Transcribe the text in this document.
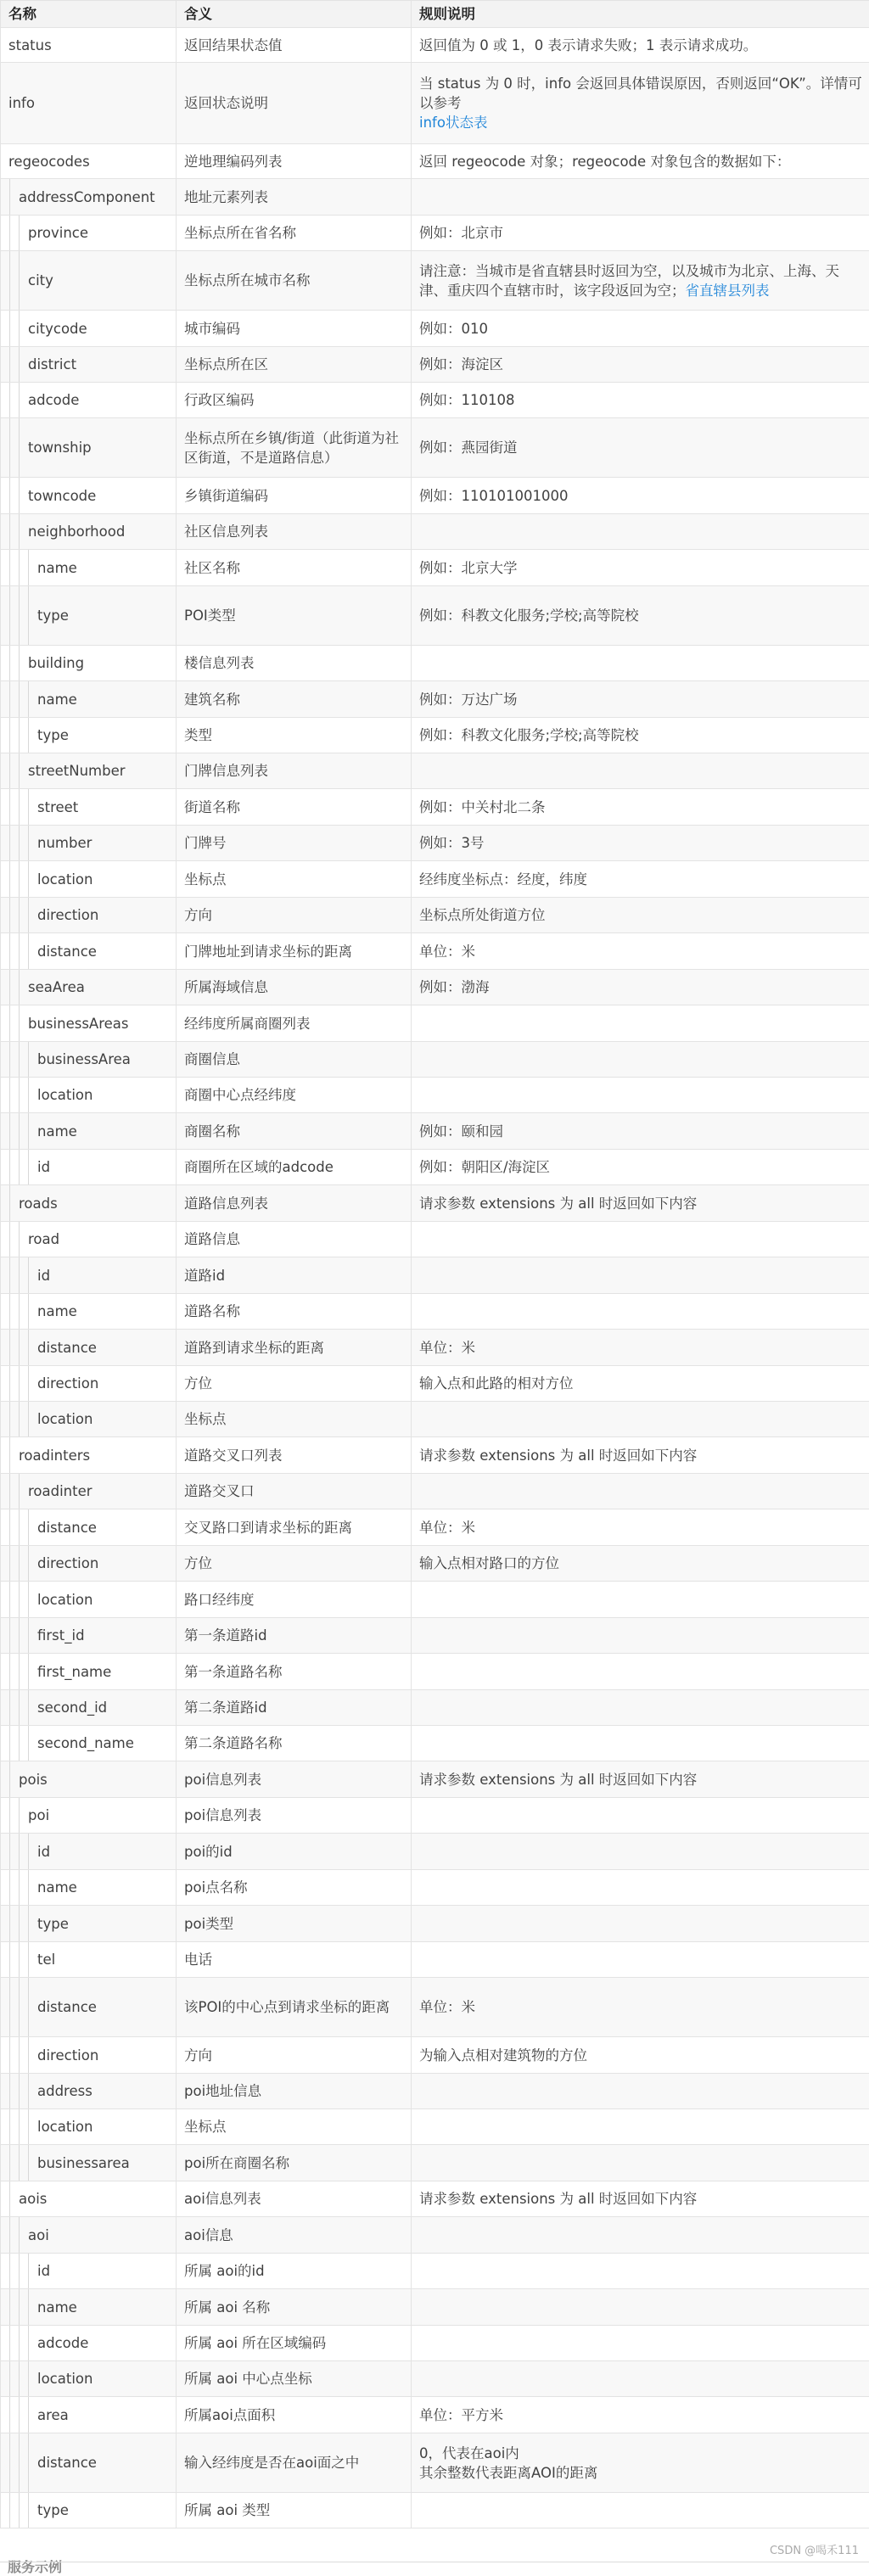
名称	含义	规则说明

status	返回结果状态值	返回值为 0 或 1，0 表示请求失败；1 表示请求成功。

info	返回状态说明	当 status 为 0 时，info 会返回具体错误原因，否则返回“OK”。详情可以参考
info状态表

regeocodes	逆地理编码列表	返回 regeocode 对象；regeocode 对象包含的数据如下：

addressComponent	地址元素列表	

province	坐标点所在省名称	例如：北京市

city	坐标点所在城市名称	请注意：当城市是省直辖县时返回为空，以及城市为北京、上海、天津、重庆四个直辖市时，该字段返回为空；省直辖县列表

citycode	城市编码	例如：010

district	坐标点所在区	例如：海淀区

adcode	行政区编码	例如：110108

township	坐标点所在乡镇/街道（此街道为社区街道，不是道路信息）	例如：燕园街道

towncode	乡镇街道编码	例如：110101001000

neighborhood	社区信息列表	

name	社区名称	例如：北京大学

type	POI类型	例如：科教文化服务;学校;高等院校

building	楼信息列表	

name	建筑名称	例如：万达广场

type	类型	例如：科教文化服务;学校;高等院校

streetNumber	门牌信息列表	

street	街道名称	例如：中关村北二条

number	门牌号	例如：3号

location	坐标点	经纬度坐标点：经度，纬度

direction	方向	坐标点所处街道方位

distance	门牌地址到请求坐标的距离	单位：米

seaArea	所属海域信息	例如：渤海

businessAreas	经纬度所属商圈列表	

businessArea	商圈信息	

location	商圈中心点经纬度	

name	商圈名称	例如：颐和园

id	商圈所在区域的adcode	例如：朝阳区/海淀区

roads	道路信息列表	请求参数 extensions 为 all 时返回如下内容

road	道路信息	

id	道路id	

name	道路名称	

distance	道路到请求坐标的距离	单位：米

direction	方位	输入点和此路的相对方位

location	坐标点	

roadinters	道路交叉口列表	请求参数 extensions 为 all 时返回如下内容

roadinter	道路交叉口	

distance	交叉路口到请求坐标的距离	单位：米

direction	方位	输入点相对路口的方位

location	路口经纬度	

first_id	第一条道路id	

first_name	第一条道路名称	

second_id	第二条道路id	

second_name	第二条道路名称	

pois	poi信息列表	请求参数 extensions 为 all 时返回如下内容

poi	poi信息列表	

id	poi的id	

name	poi点名称	

type	poi类型	

tel	电话	

distance	该POI的中心点到请求坐标的距离	单位：米

direction	方向	为输入点相对建筑物的方位

address	poi地址信息	

location	坐标点	

businessarea	poi所在商圈名称	

aois	aoi信息列表	请求参数 extensions 为 all 时返回如下内容

aoi	aoi信息	

id	所属 aoi的id	

name	所属 aoi 名称	

adcode	所属 aoi 所在区域编码	

location	所属 aoi 中心点坐标	

area	所属aoi点面积	单位：平方米

distance	输入经纬度是否在aoi面之中	0，代表在aoi内
其余整数代表距离AOI的距离

type	所属 aoi 类型	
CSDN @喝禾111
服务示例
